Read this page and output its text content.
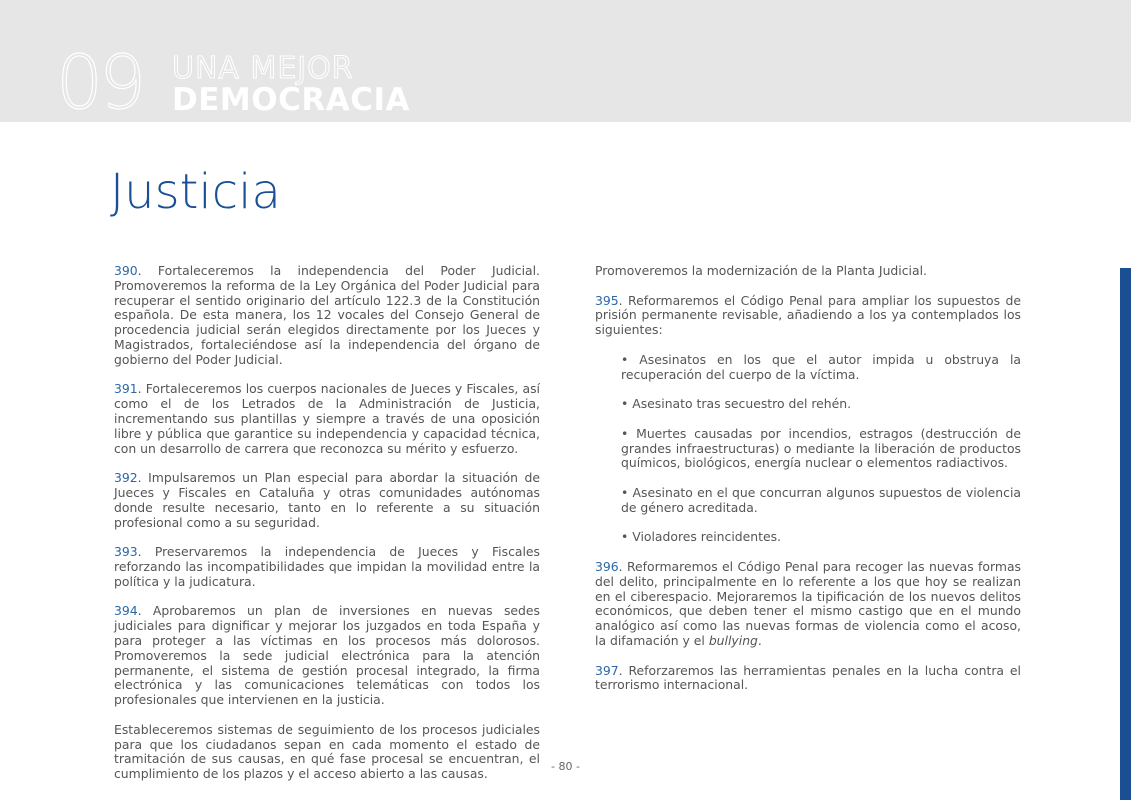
09 UNA MEJOR
DEMOCRACIA
Justicia

390. Fortaleceremos la independencia del Poder Judicial. Promoveremos la reforma de la Ley Orgánica del Poder Judicial para recuperar el sentido originario del artículo 122.3 de la Constitución española. De esta manera, los 12 vocales del Consejo General de procedencia judicial serán elegidos directamente por los Jueces y Magistrados, fortaleciéndose así la independencia del órgano de gobierno del Poder Judicial.

391. Fortaleceremos los cuerpos nacionales de Jueces y Fiscales, así como el de los Letrados de la Administración de Justicia, incrementando sus plantillas y siempre a través de una oposición libre y pública que garantice su independencia y capacidad técnica, con un desarrollo de carrera que reconozca su mérito y esfuerzo.

392. Impulsaremos un Plan especial para abordar la situación de Jueces y Fiscales en Cataluña y otras comunidades autónomas donde resulte necesario, tanto en lo referente a su situación profesional como a su seguridad.

393. Preservaremos la independencia de Jueces y Fiscales reforzando las incompatibilidades que impidan la movilidad entre la política y la judicatura.

394. Aprobaremos un plan de inversiones en nuevas sedes judiciales para dignificar y mejorar los juzgados en toda España y para proteger a las víctimas en los procesos más dolorosos. Promoveremos la sede judicial electrónica para la atención permanente, el sistema de gestión procesal integrado, la firma electrónica y las comunicaciones telemáticas con todos los profesionales que intervienen en la justicia.

Estableceremos sistemas de seguimiento de los procesos judiciales para que los ciudadanos sepan en cada momento el estado de tramitación de sus causas, en qué fase procesal se encuentran, el cumplimiento de los plazos y el acceso abierto a las causas.

Promoveremos la modernización de la Planta Judicial.

395. Reformaremos el Código Penal para ampliar los supuestos de prisión permanente revisable, añadiendo a los ya contemplados los siguientes:

• Asesinatos en los que el autor impida u obstruya la recuperación del cuerpo de la víctima.

• Asesinato tras secuestro del rehén.

• Muertes causadas por incendios, estragos (destrucción de grandes infraestructuras) o mediante la liberación de productos químicos, biológicos, energía nuclear o elementos radiactivos.

• Asesinato en el que concurran algunos supuestos de violencia de género acreditada.

• Violadores reincidentes.

396. Reformaremos el Código Penal para recoger las nuevas formas del delito, principalmente en lo referente a los que hoy se realizan en el ciberespacio. Mejoraremos la tipificación de los nuevos delitos económicos, que deben tener el mismo castigo que en el mundo analógico así como las nuevas formas de violencia como el acoso, la difamación y el bullying.

397. Reforzaremos las herramientas penales en la lucha contra el terrorismo internacional.

- 80 -
